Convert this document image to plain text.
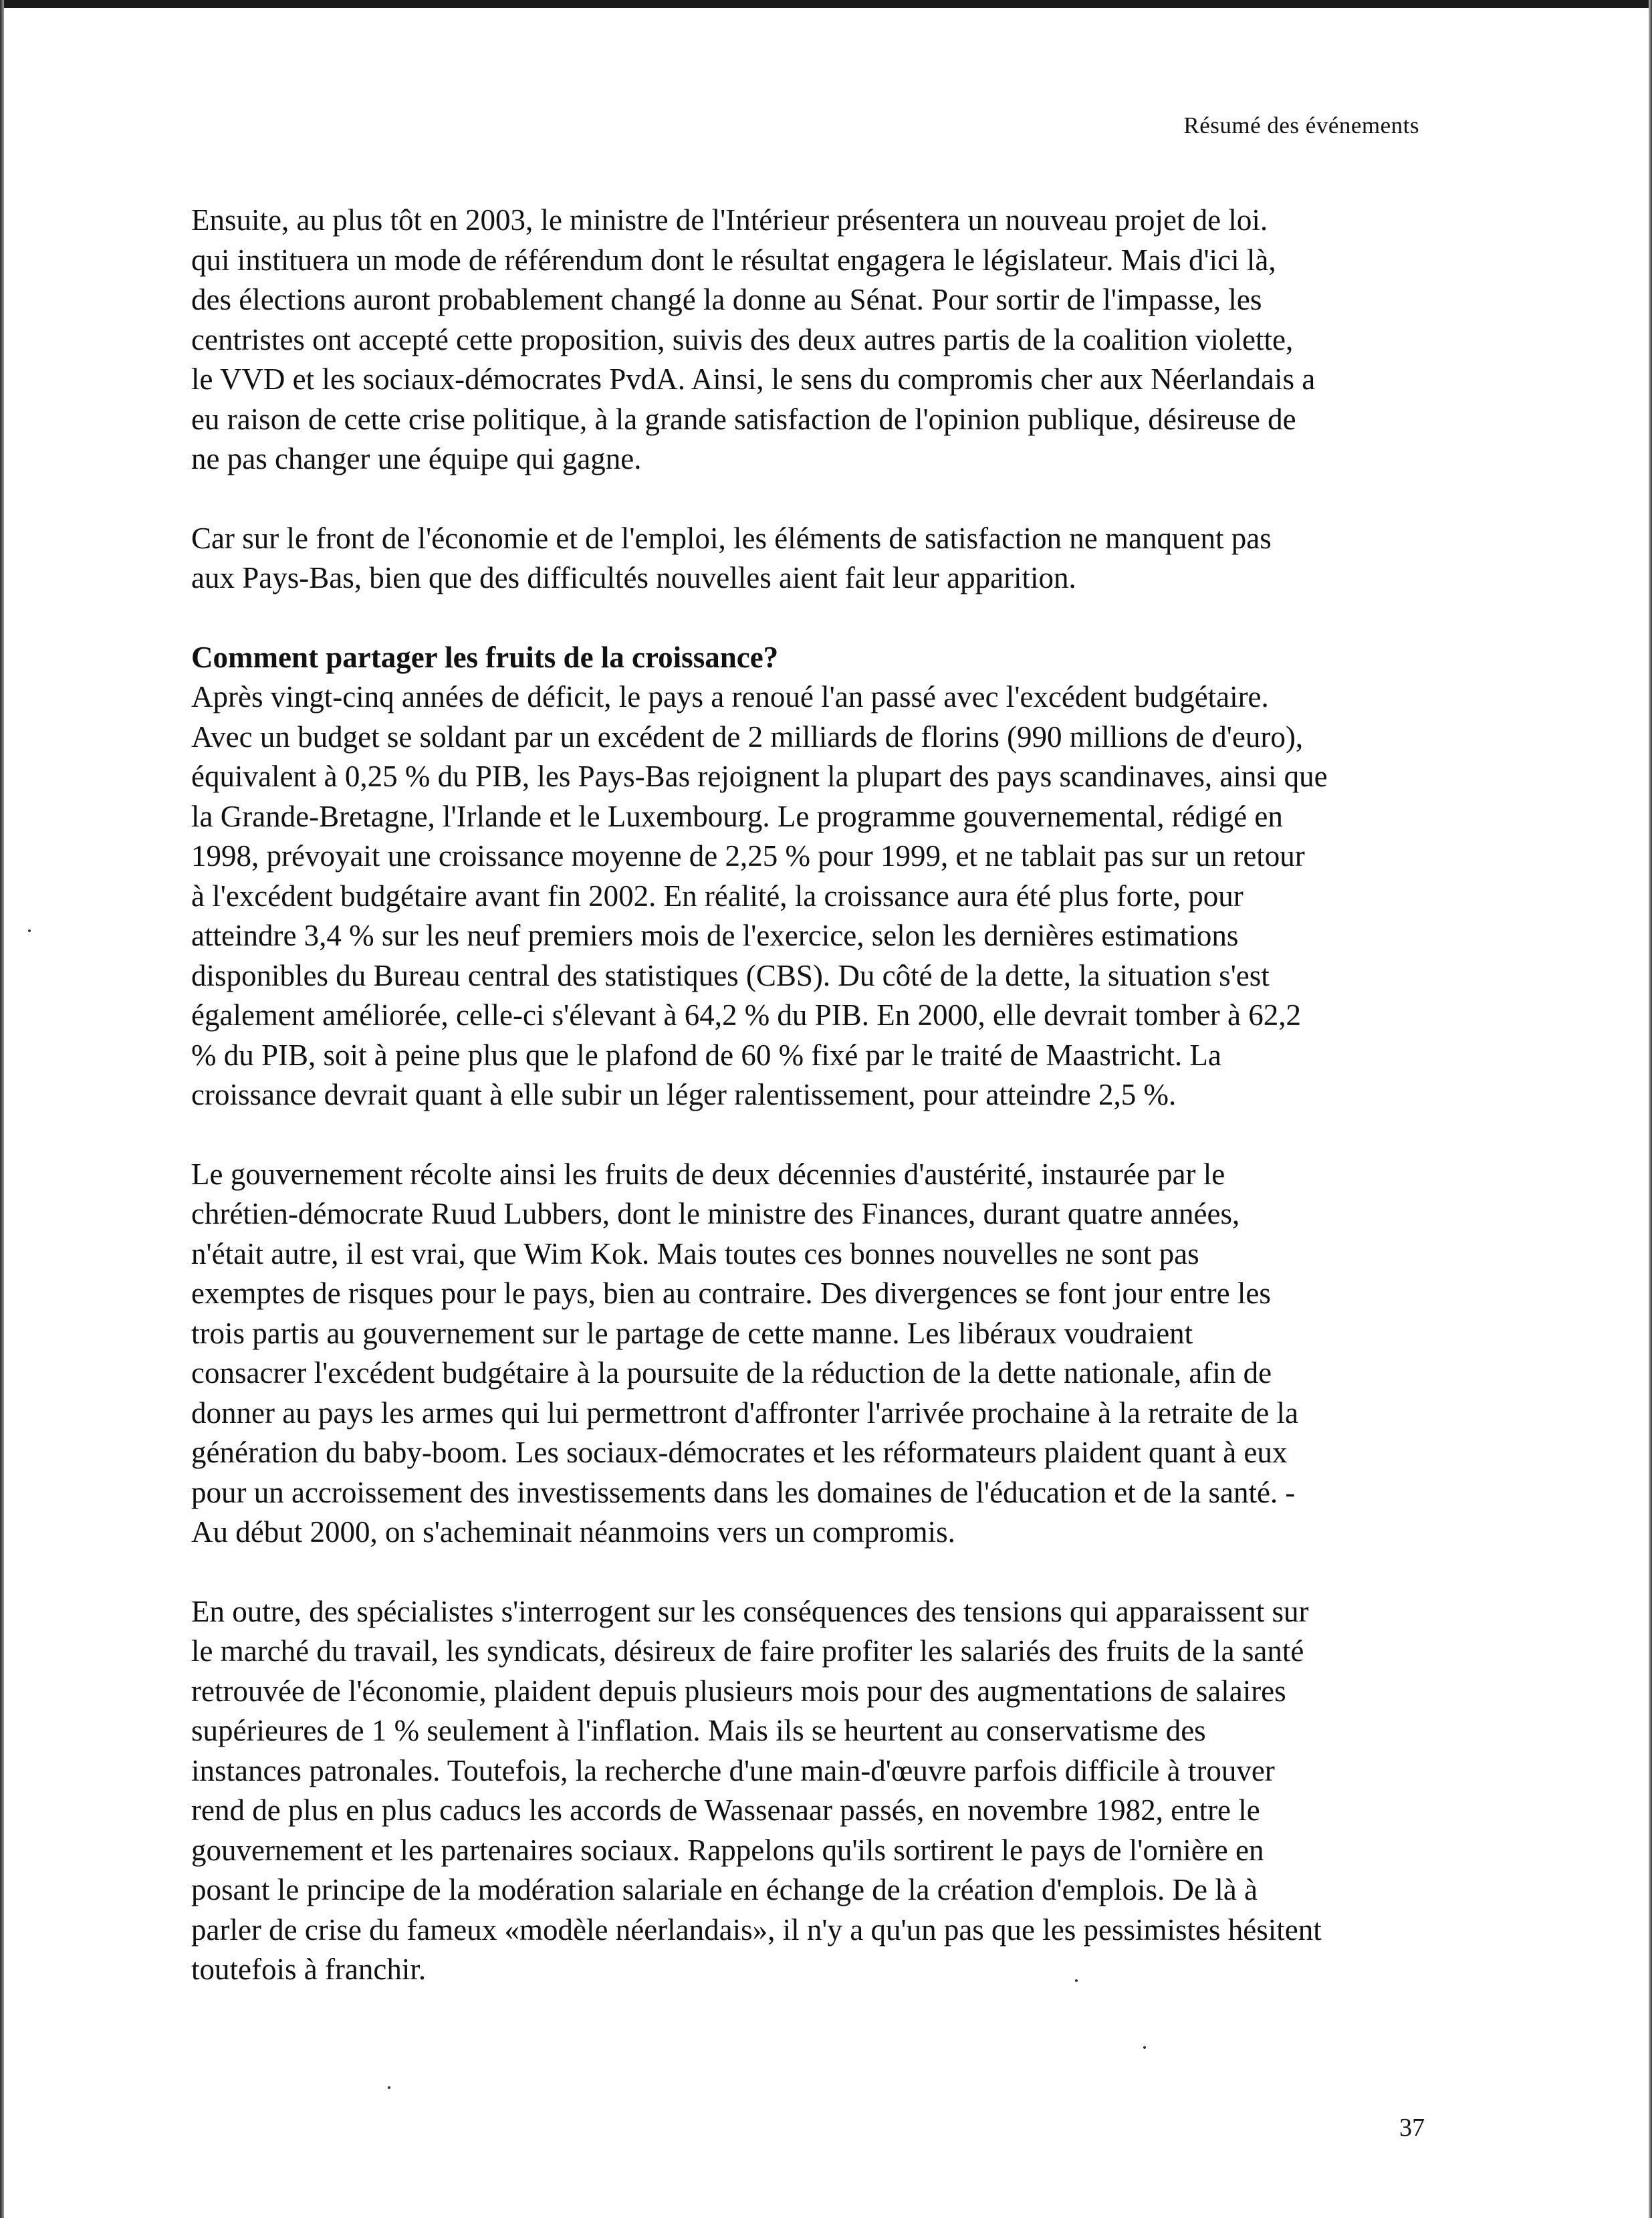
Résumé des événements
Ensuite, au plus tôt en 2003, le ministre de l'Intérieur présentera un nouveau projet de loi.
qui instituera un mode de référendum dont le résultat engagera le législateur. Mais d'ici là,
des élections auront probablement changé la donne au Sénat. Pour sortir de l'impasse, les
centristes ont accepté cette proposition, suivis des deux autres partis de la coalition violette,
le VVD et les sociaux-démocrates PvdA. Ainsi, le sens du compromis cher aux Néerlandais a
eu raison de cette crise politique, à la grande satisfaction de l'opinion publique, désireuse de
ne pas changer une équipe qui gagne.
Car sur le front de l'économie et de l'emploi, les éléments de satisfaction ne manquent pas
aux Pays-Bas, bien que des difficultés nouvelles aient fait leur apparition.
Comment partager les fruits de la croissance?
Après vingt-cinq années de déficit, le pays a renoué l'an passé avec l'excédent budgétaire.
Avec un budget se soldant par un excédent de 2 milliards de florins (990 millions de d'euro),
équivalent à 0,25 % du PIB, les Pays-Bas rejoignent la plupart des pays scandinaves, ainsi que
la Grande-Bretagne, l'Irlande et le Luxembourg. Le programme gouvernemental, rédigé en
1998, prévoyait une croissance moyenne de 2,25 % pour 1999, et ne tablait pas sur un retour
à l'excédent budgétaire avant fin 2002. En réalité, la croissance aura été plus forte, pour
atteindre 3,4 % sur les neuf premiers mois de l'exercice, selon les dernières estimations
disponibles du Bureau central des statistiques (CBS). Du côté de la dette, la situation s'est
également améliorée, celle-ci s'élevant à 64,2 % du PIB. En 2000, elle devrait tomber à 62,2
% du PIB, soit à peine plus que le plafond de 60 % fixé par le traité de Maastricht. La
croissance devrait quant à elle subir un léger ralentissement, pour atteindre 2,5 %.
Le gouvernement récolte ainsi les fruits de deux décennies d'austérité, instaurée par le
chrétien-démocrate Ruud Lubbers, dont le ministre des Finances, durant quatre années,
n'était autre, il est vrai, que Wim Kok. Mais toutes ces bonnes nouvelles ne sont pas
exemptes de risques pour le pays, bien au contraire. Des divergences se font jour entre les
trois partis au gouvernement sur le partage de cette manne. Les libéraux voudraient
consacrer l'excédent budgétaire à la poursuite de la réduction de la dette nationale, afin de
donner au pays les armes qui lui permettront d'affronter l'arrivée prochaine à la retraite de la
génération du baby-boom. Les sociaux-démocrates et les réformateurs plaident quant à eux
pour un accroissement des investissements dans les domaines de l'éducation et de la santé. -
Au début 2000, on s'acheminait néanmoins vers un compromis.
En outre, des spécialistes s'interrogent sur les conséquences des tensions qui apparaissent sur
le marché du travail, les syndicats, désireux de faire profiter les salariés des fruits de la santé
retrouvée de l'économie, plaident depuis plusieurs mois pour des augmentations de salaires
supérieures de 1 % seulement à l'inflation. Mais ils se heurtent au conservatisme des
instances patronales. Toutefois, la recherche d'une main-d'œuvre parfois difficile à trouver
rend de plus en plus caducs les accords de Wassenaar passés, en novembre 1982, entre le
gouvernement et les partenaires sociaux. Rappelons qu'ils sortirent le pays de l'ornière en
posant le principe de la modération salariale en échange de la création d'emplois. De là à
parler de crise du fameux «modèle néerlandais», il n'y a qu'un pas que les pessimistes hésitent
toutefois à franchir.
37
